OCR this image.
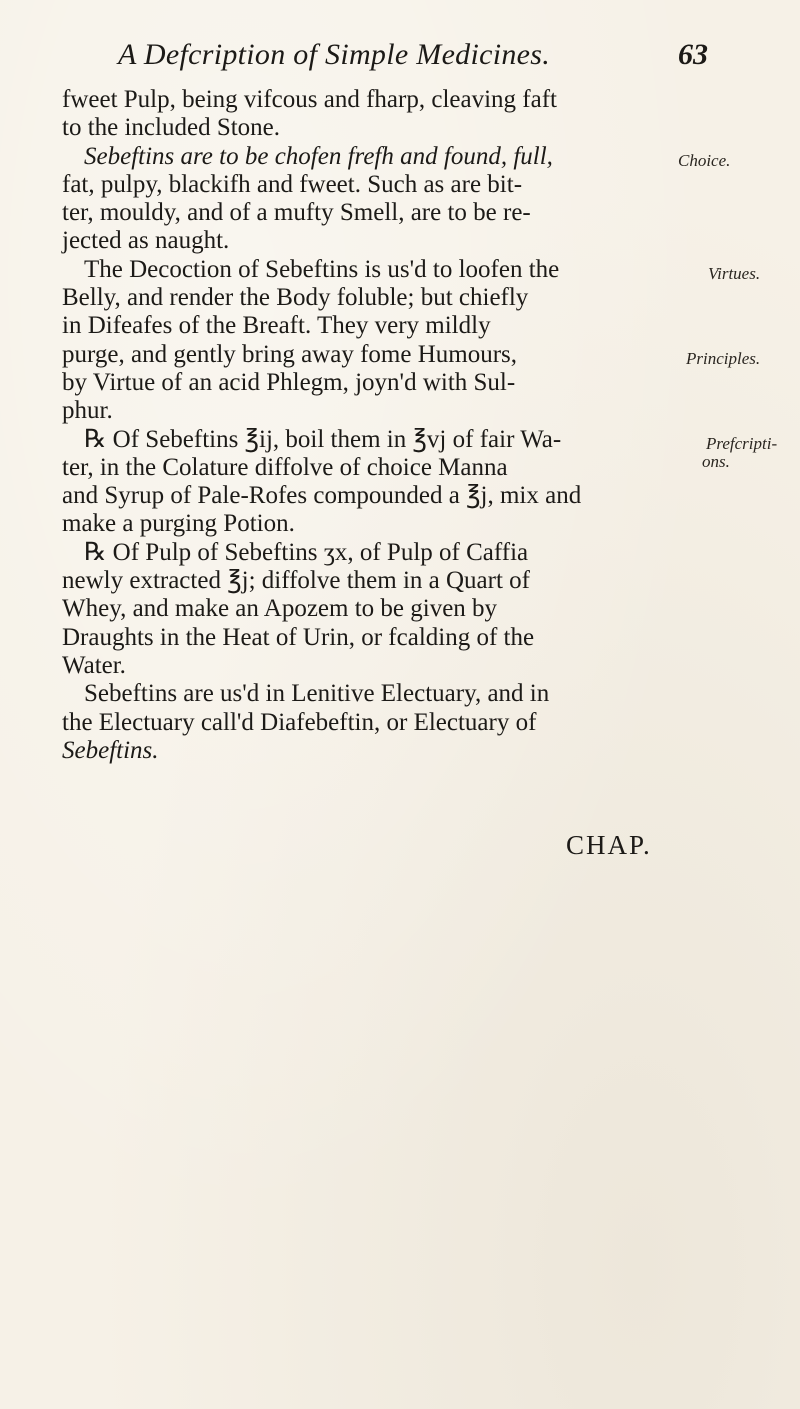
A Defcription of Simple Medicines.	63
fweet Pulp, being vifcous and fharp, cleaving faft
to the included Stone.
Sebeftins are to be chofen frefh and found, full,
fat, pulpy, blackifh and fweet. Such as are bit-
ter, mouldy, and of a mufty Smell, are to be re-
jected as naught.
The Decoction of Sebeftins is us'd to loofen the
Belly, and render the Body foluble; but chiefly
in Difeafes of the Breaft. They very mildly
purge, and gently bring away fome Humours,
by Virtue of an acid Phlegm, joyn'd with Sul-
phur.
℞ Of Sebeftins ℥ij, boil them in ℥vj of fair Wa-
ter, in the Colature diffolve of choice Manna
and Syrup of Pale-Rofes compounded a ℥j, mix and
make a purging Potion.
℞ Of Pulp of Sebeftins ʒx, of Pulp of Caffia
newly extracted ℥j; diffolve them in a Quart of
Whey, and make an Apozem to be given by
Draughts in the Heat of Urin, or fcalding of the
Water.
Sebeftins are us'd in Lenitive Electuary, and in
the Electuary call'd Diafebeftin, or Electuary of
Sebeftins.
Choice.
Virtues.
Principles.
Prefcripti-
ons.
CHAP.
